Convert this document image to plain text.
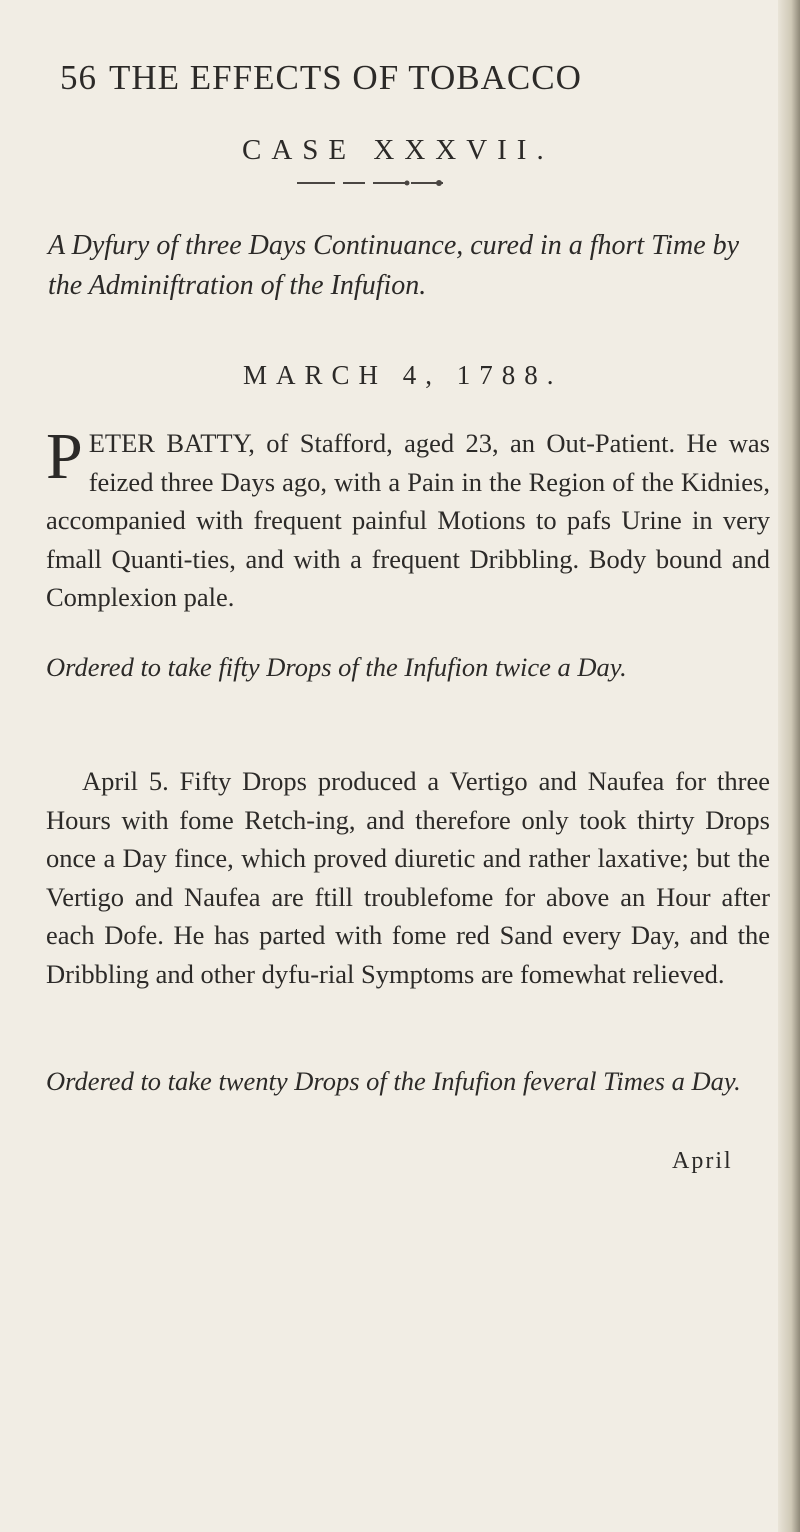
56 THE EFFECTS OF TOBACCO
CASE XXXVII.
A Dyfury of three Days Continuance, cured in a fhort Time by the Adminiftration of the Infufion.
MARCH 4, 1788.
PETER BATTY, of Stafford, aged 23, an Out-Patient. He was feized three Days ago, with a Pain in the Region of the Kidnies, accompanied with frequent painful Motions to pafs Urine in very fmall Quanti-ties, and with a frequent Dribbling. Body bound and Complexion pale.
Ordered to take fifty Drops of the Infufion twice a Day.
April 5. Fifty Drops produced a Vertigo and Naufea for three Hours with fome Retch-ing, and therefore only took thirty Drops once a Day fince, which proved diuretic and rather laxative; but the Vertigo and Naufea are ftill troublefome for above an Hour after each Dofe. He has parted with fome red Sand every Day, and the Dribbling and other dyfu-rial Symptoms are fomewhat relieved.
Ordered to take twenty Drops of the Infufion feveral Times a Day.
April
